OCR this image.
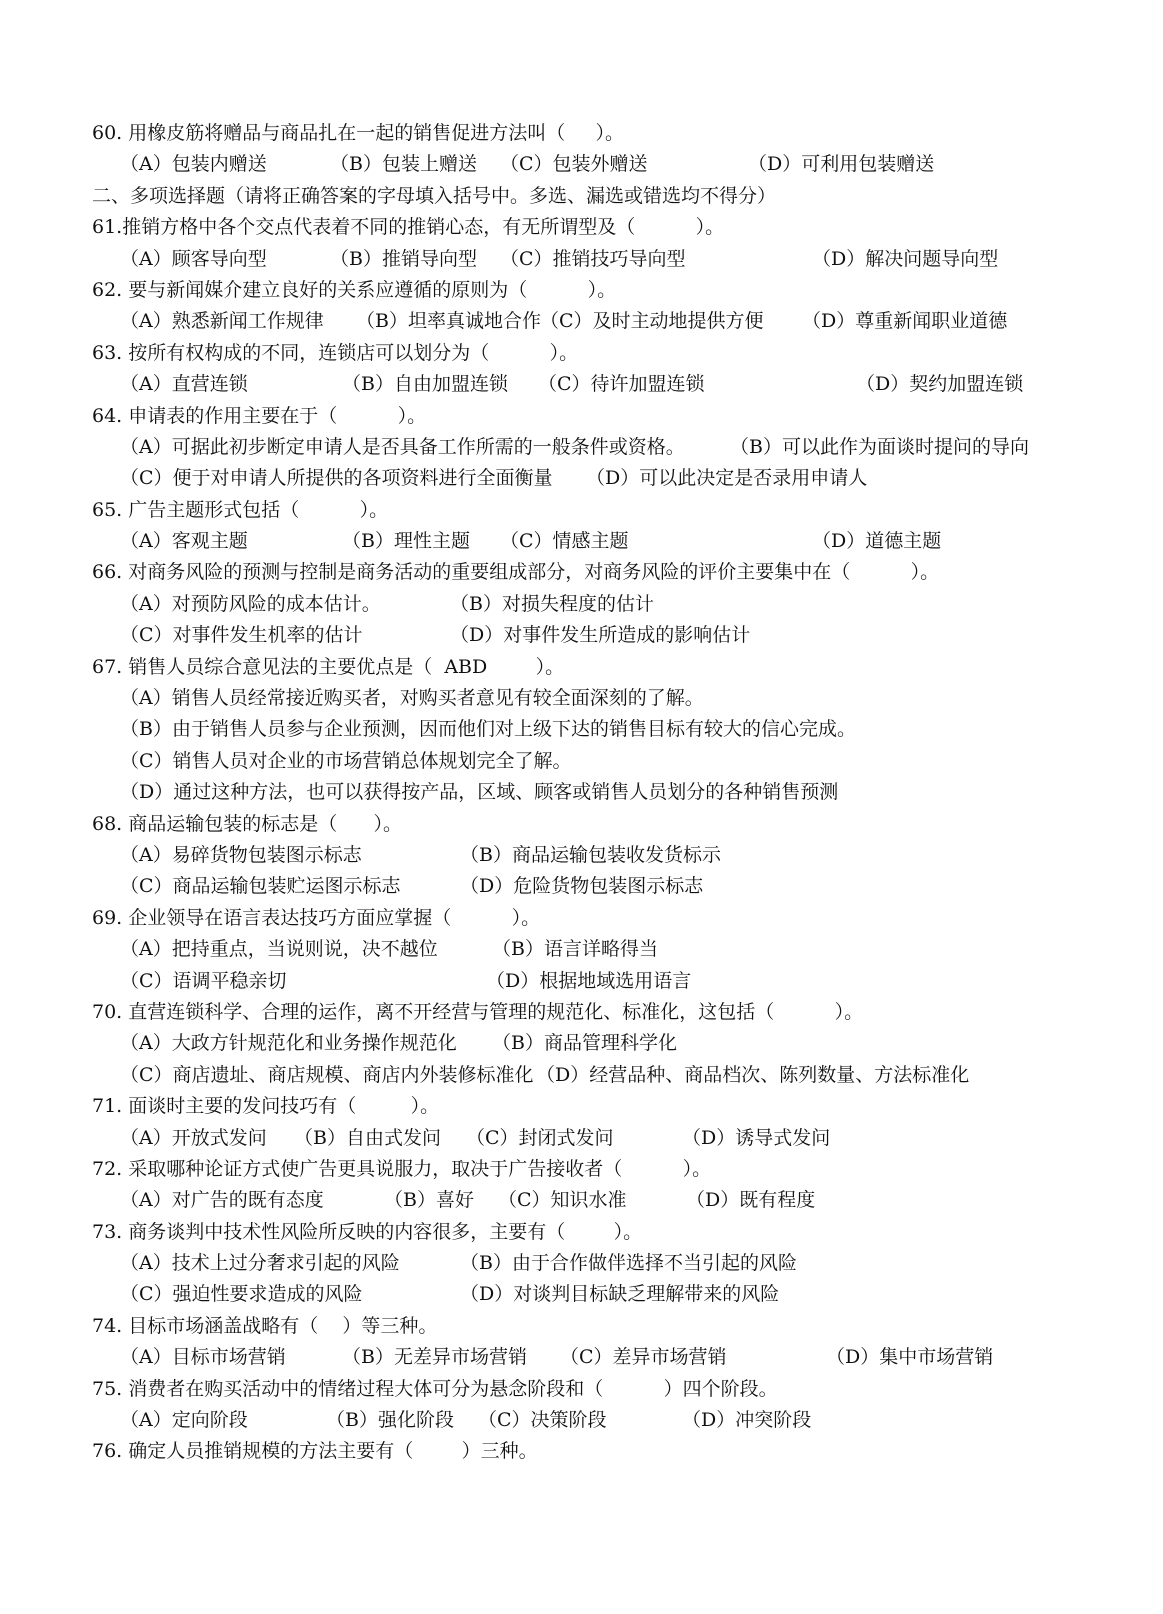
60. 用橡皮筋将赠品与商品扎在一起的销售促进方法叫（     ）。
（A）包装内赠送	（B）包装上赠送 （C）包装外赠送	（D）可利用包装赠送
二、多项选择题（请将正确答案的字母填入括号中。多选、漏选或错选均不得分）
61.推销方格中各个交点代表着不同的推销心态，有无所谓型及（          ）。
（A）顾客导向型	（B）推销导向型 （C）推销技巧导向型	（D）解决问题导向型
62. 要与新闻媒介建立良好的关系应遵循的原则为（          ）。
（A）熟悉新闻工作规律 （B）坦率真诚地合作 （C）及时主动地提供方便 （D）尊重新闻职业道德
63. 按所有权构成的不同，连锁店可以划分为（          ）。
（A）直营连锁	（B）自由加盟连锁 （C）待许加盟连锁	（D）契约加盟连锁
64. 申请表的作用主要在于（          ）。
（A）可据此初步断定申请人是否具备工作所需的一般条件或资格。 （B）可以此作为面谈时提问的导向
（C）便于对申请人所提供的各项资料进行全面衡量 （D）可以此决定是否录用申请人
65. 广告主题形式包括（          ）。
（A）客观主题	（B）理性主题 （C）情感主题	（D）道德主题
66. 对商务风险的预测与控制是商务活动的重要组成部分，对商务风险的评价主要集中在（          ）。
（A）对预防风险的成本估计。	（B）对损失程度的估计
（C）对事件发生机率的估计	（D）对事件发生所造成的影响估计
67. 销售人员综合意见法的主要优点是（  ABD        ）。
（A）销售人员经常接近购买者，对购买者意见有较全面深刻的了解。
（B）由于销售人员参与企业预测，因而他们对上级下达的销售目标有较大的信心完成。
（C）销售人员对企业的市场营销总体规划完全了解。
（D）通过这种方法，也可以获得按产品，区域、顾客或销售人员划分的各种销售预测
68. 商品运输包装的标志是（      ）。
（A）易碎货物包装图示标志	（B）商品运输包装收发货标示
（C）商品运输包装贮运图示标志	（D）危险货物包装图示标志
69. 企业领导在语言表达技巧方面应掌握（          ）。
（A）把持重点，当说则说，决不越位	（B）语言详略得当
（C）语调平稳亲切	（D）根据地域选用语言
70. 直营连锁科学、合理的运作，离不开经营与管理的规范化、标准化，这包括（          ）。
（A）大政方针规范化和业务操作规范化 （B）商品管理科学化
（C）商店遗址、商店规模、商店内外装修标准化 （D）经营品种、商品档次、陈列数量、方法标准化
71. 面谈时主要的发问技巧有（         ）。
（A）开放式发问 （B）自由式发问 （C）封闭式发问	（D）诱导式发问
72. 采取哪种论证方式使广告更具说服力，取决于广告接收者（          ）。
（A）对广告的既有态度	（B）喜好 （C）知识水准	（D）既有程度
73. 商务谈判中技术性风险所反映的内容很多，主要有（        ）。
（A）技术上过分奢求引起的风险	（B）由于合作做伴选择不当引起的风险
（C）强迫性要求造成的风险	（D）对谈判目标缺乏理解带来的风险
74. 目标市场涵盖战略有（    ）等三种。
（A）目标市场营销	（B）无差异市场营销 （C）差异市场营销	（D）集中市场营销
75. 消费者在购买活动中的情绪过程大体可分为悬念阶段和（          ）四个阶段。
（A）定向阶段	（B）强化阶段 （C）决策阶段	（D）冲突阶段
76. 确定人员推销规模的方法主要有（        ）三种。
